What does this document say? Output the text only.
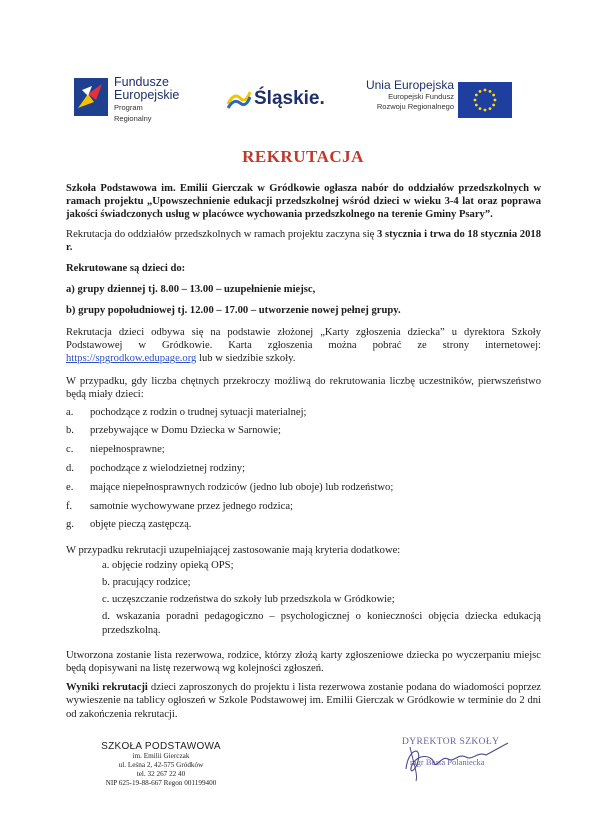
Fundusze
Europejskie
Program Regionalny
Śląskie.
Unia Europejska
Europejski Fundusz
Rozwoju Regionalnego
REKRUTACJA

Szkoła Podstawowa im. Emilii Gierczak w Gródkowie ogłasza nabór do oddziałów przedszkolnych w ramach projektu „Upowszechnienie edukacji przedszkolnej wśród dzieci w wieku 3-4 lat oraz poprawa jakości świadczonych usług w placówce wychowania przedszkolnego na terenie Gminy Psary”.

Rekrutacja do oddziałów przedszkolnych w ramach projektu zaczyna się 3 stycznia i trwa do 18 stycznia 2018 r.

Rekrutowane są dzieci do:

a) grupy dziennej tj. 8.00 – 13.00 – uzupełnienie miejsc,

b) grupy popołudniowej tj. 12.00 – 17.00 – utworzenie nowej pełnej grupy.

Rekrutacja dzieci odbywa się na podstawie złożonej „Karty zgłoszenia dziecka” u dyrektora Szkoły Podstawowej w Gródkowie. Karta zgłoszenia można pobrać ze strony internetowej: https://spgrodkow.edupage.org lub w siedzibie szkoły.

W przypadku, gdy liczba chętnych przekroczy możliwą do rekrutowania liczbę uczestników, pierwszeństwo będą miały dzieci:

a.	pochodzące z rodzin o trudnej sytuacji materialnej;
b.	przebywające w Domu Dziecka w Sarnowie;
c.	niepełnosprawne;
d.	pochodzące z wielodzietnej rodziny;
e.	mające niepełnosprawnych rodziców (jedno lub oboje) lub rodzeństwo;
f.	samotnie wychowywane przez jednego rodzica;
g.	objęte pieczą zastępczą.

W przypadku rekrutacji uzupełniającej zastosowanie mają kryteria dodatkowe:

a. objęcie rodziny opieką OPS;
b. pracujący rodzice;
c. uczęszczanie rodzeństwa do szkoły lub przedszkola w Gródkowie;
d. wskazania poradni pedagogiczno – psychologicznej o konieczności objęcia dziecka edukacją przedszkolną.

Utworzona zostanie lista rezerwowa, rodzice, którzy złożą karty zgłoszeniowe dziecka po wyczerpaniu miejsc będą dopisywani na listę rezerwową wg kolejności zgłoszeń.

Wyniki rekrutacji dzieci zaproszonych do projektu i lista rezerwowa zostanie podana do wiadomości poprzez wywieszenie na tablicy ogłoszeń w Szkole Podstawowej im. Emilii Gierczak w Gródkowie w terminie do 2 dni od zakończenia rekrutacji.

SZKOŁA PODSTAWOWA
im. Emilii Gierczak
ul. Leśna 2, 42-575 Gródków
tel. 32 267 22 40
NIP 625-19-88-667 Regon 001199400
DYREKTOR SZKOŁY
mgr Beata Polaniecka
